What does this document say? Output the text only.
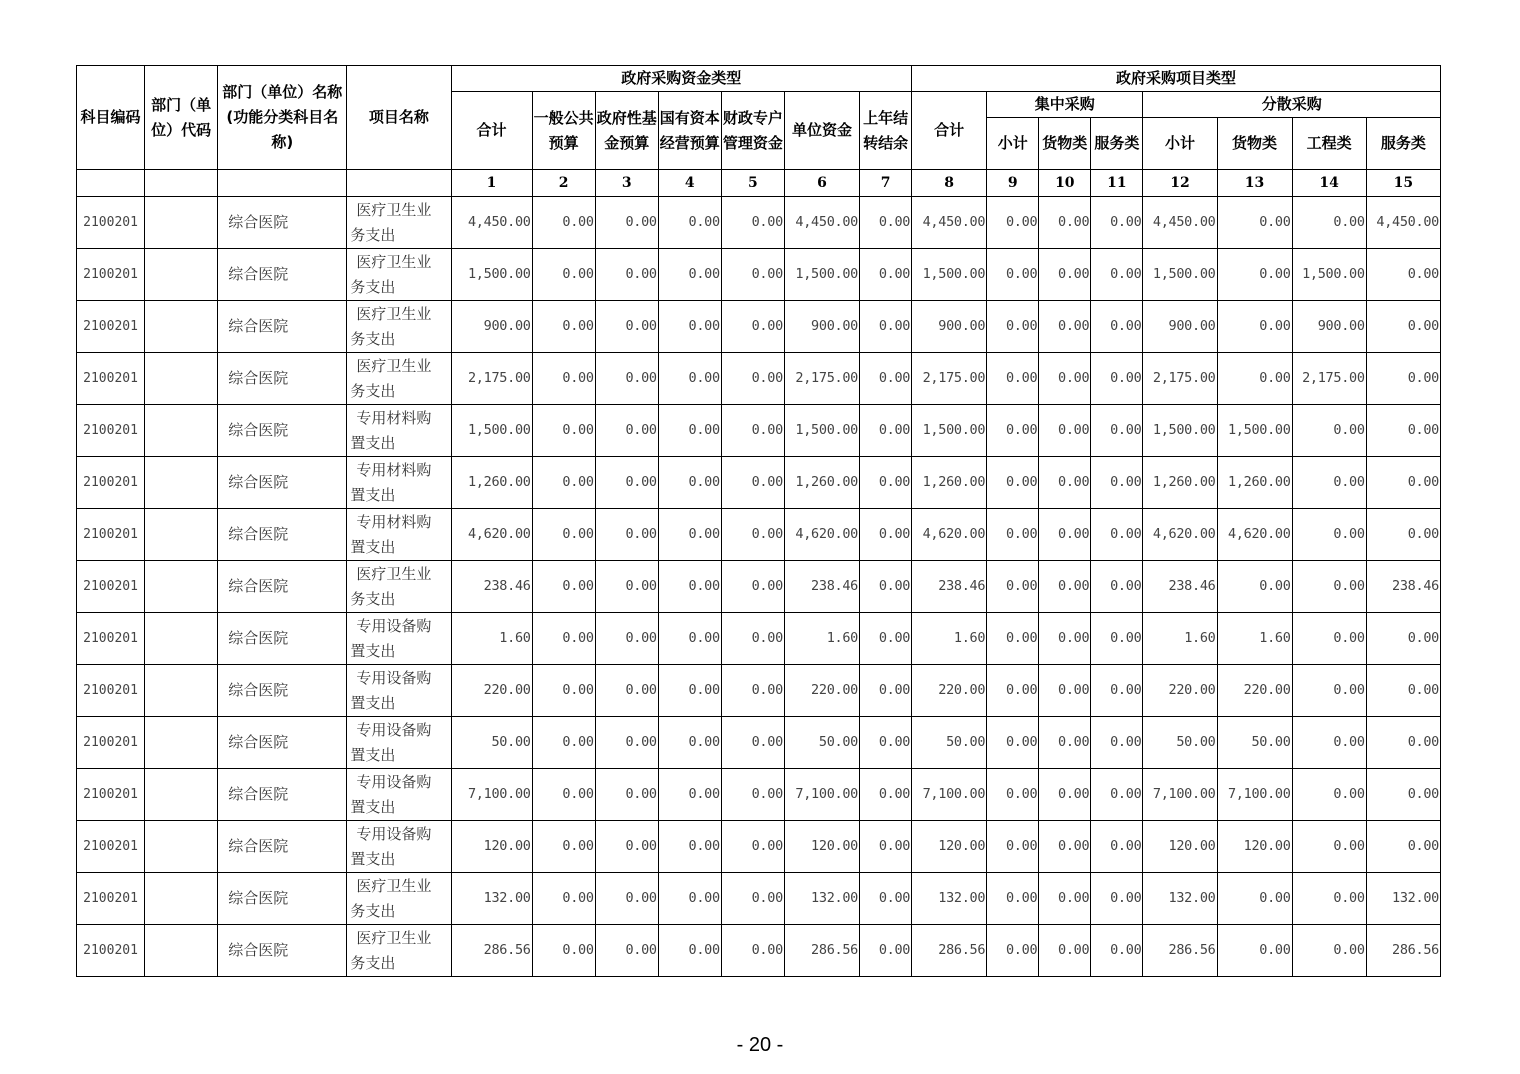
科目编码	部门（单位）代码	部门（单位）名称(功能分类科目名称)	项目名称	政府采购资金类型							政府采购项目类型							
				合计	一般公共预算	政府性基金预算	国有资本经营预算	财政专户管理资金	单位资金	上年结转结余	合计	集中采购			分散采购			
												小计	货物类	服务类	小计	货物类	工程类	服务类
				1	2	3	4	5	6	7	8	9	10	11	12	13	14	15
2100201		综合医院	医疗卫生业务支出	4,450.00	0.00	0.00	0.00	0.00	4,450.00	0.00	4,450.00	0.00	0.00	0.00	4,450.00	0.00	0.00	4,450.00
2100201		综合医院	医疗卫生业务支出	1,500.00	0.00	0.00	0.00	0.00	1,500.00	0.00	1,500.00	0.00	0.00	0.00	1,500.00	0.00	1,500.00	0.00
2100201		综合医院	医疗卫生业务支出	900.00	0.00	0.00	0.00	0.00	900.00	0.00	900.00	0.00	0.00	0.00	900.00	0.00	900.00	0.00
2100201		综合医院	医疗卫生业务支出	2,175.00	0.00	0.00	0.00	0.00	2,175.00	0.00	2,175.00	0.00	0.00	0.00	2,175.00	0.00	2,175.00	0.00
2100201		综合医院	专用材料购置支出	1,500.00	0.00	0.00	0.00	0.00	1,500.00	0.00	1,500.00	0.00	0.00	0.00	1,500.00	1,500.00	0.00	0.00
2100201		综合医院	专用材料购置支出	1,260.00	0.00	0.00	0.00	0.00	1,260.00	0.00	1,260.00	0.00	0.00	0.00	1,260.00	1,260.00	0.00	0.00
2100201		综合医院	专用材料购置支出	4,620.00	0.00	0.00	0.00	0.00	4,620.00	0.00	4,620.00	0.00	0.00	0.00	4,620.00	4,620.00	0.00	0.00
2100201		综合医院	医疗卫生业务支出	238.46	0.00	0.00	0.00	0.00	238.46	0.00	238.46	0.00	0.00	0.00	238.46	0.00	0.00	238.46
2100201		综合医院	专用设备购置支出	1.60	0.00	0.00	0.00	0.00	1.60	0.00	1.60	0.00	0.00	0.00	1.60	1.60	0.00	0.00
2100201		综合医院	专用设备购置支出	220.00	0.00	0.00	0.00	0.00	220.00	0.00	220.00	0.00	0.00	0.00	220.00	220.00	0.00	0.00
2100201		综合医院	专用设备购置支出	50.00	0.00	0.00	0.00	0.00	50.00	0.00	50.00	0.00	0.00	0.00	50.00	50.00	0.00	0.00
2100201		综合医院	专用设备购置支出	7,100.00	0.00	0.00	0.00	0.00	7,100.00	0.00	7,100.00	0.00	0.00	0.00	7,100.00	7,100.00	0.00	0.00
2100201		综合医院	专用设备购置支出	120.00	0.00	0.00	0.00	0.00	120.00	0.00	120.00	0.00	0.00	0.00	120.00	120.00	0.00	0.00
2100201		综合医院	医疗卫生业务支出	132.00	0.00	0.00	0.00	0.00	132.00	0.00	132.00	0.00	0.00	0.00	132.00	0.00	0.00	132.00
2100201		综合医院	医疗卫生业务支出	286.56	0.00	0.00	0.00	0.00	286.56	0.00	286.56	0.00	0.00	0.00	286.56	0.00	0.00	286.56
- 20 -
